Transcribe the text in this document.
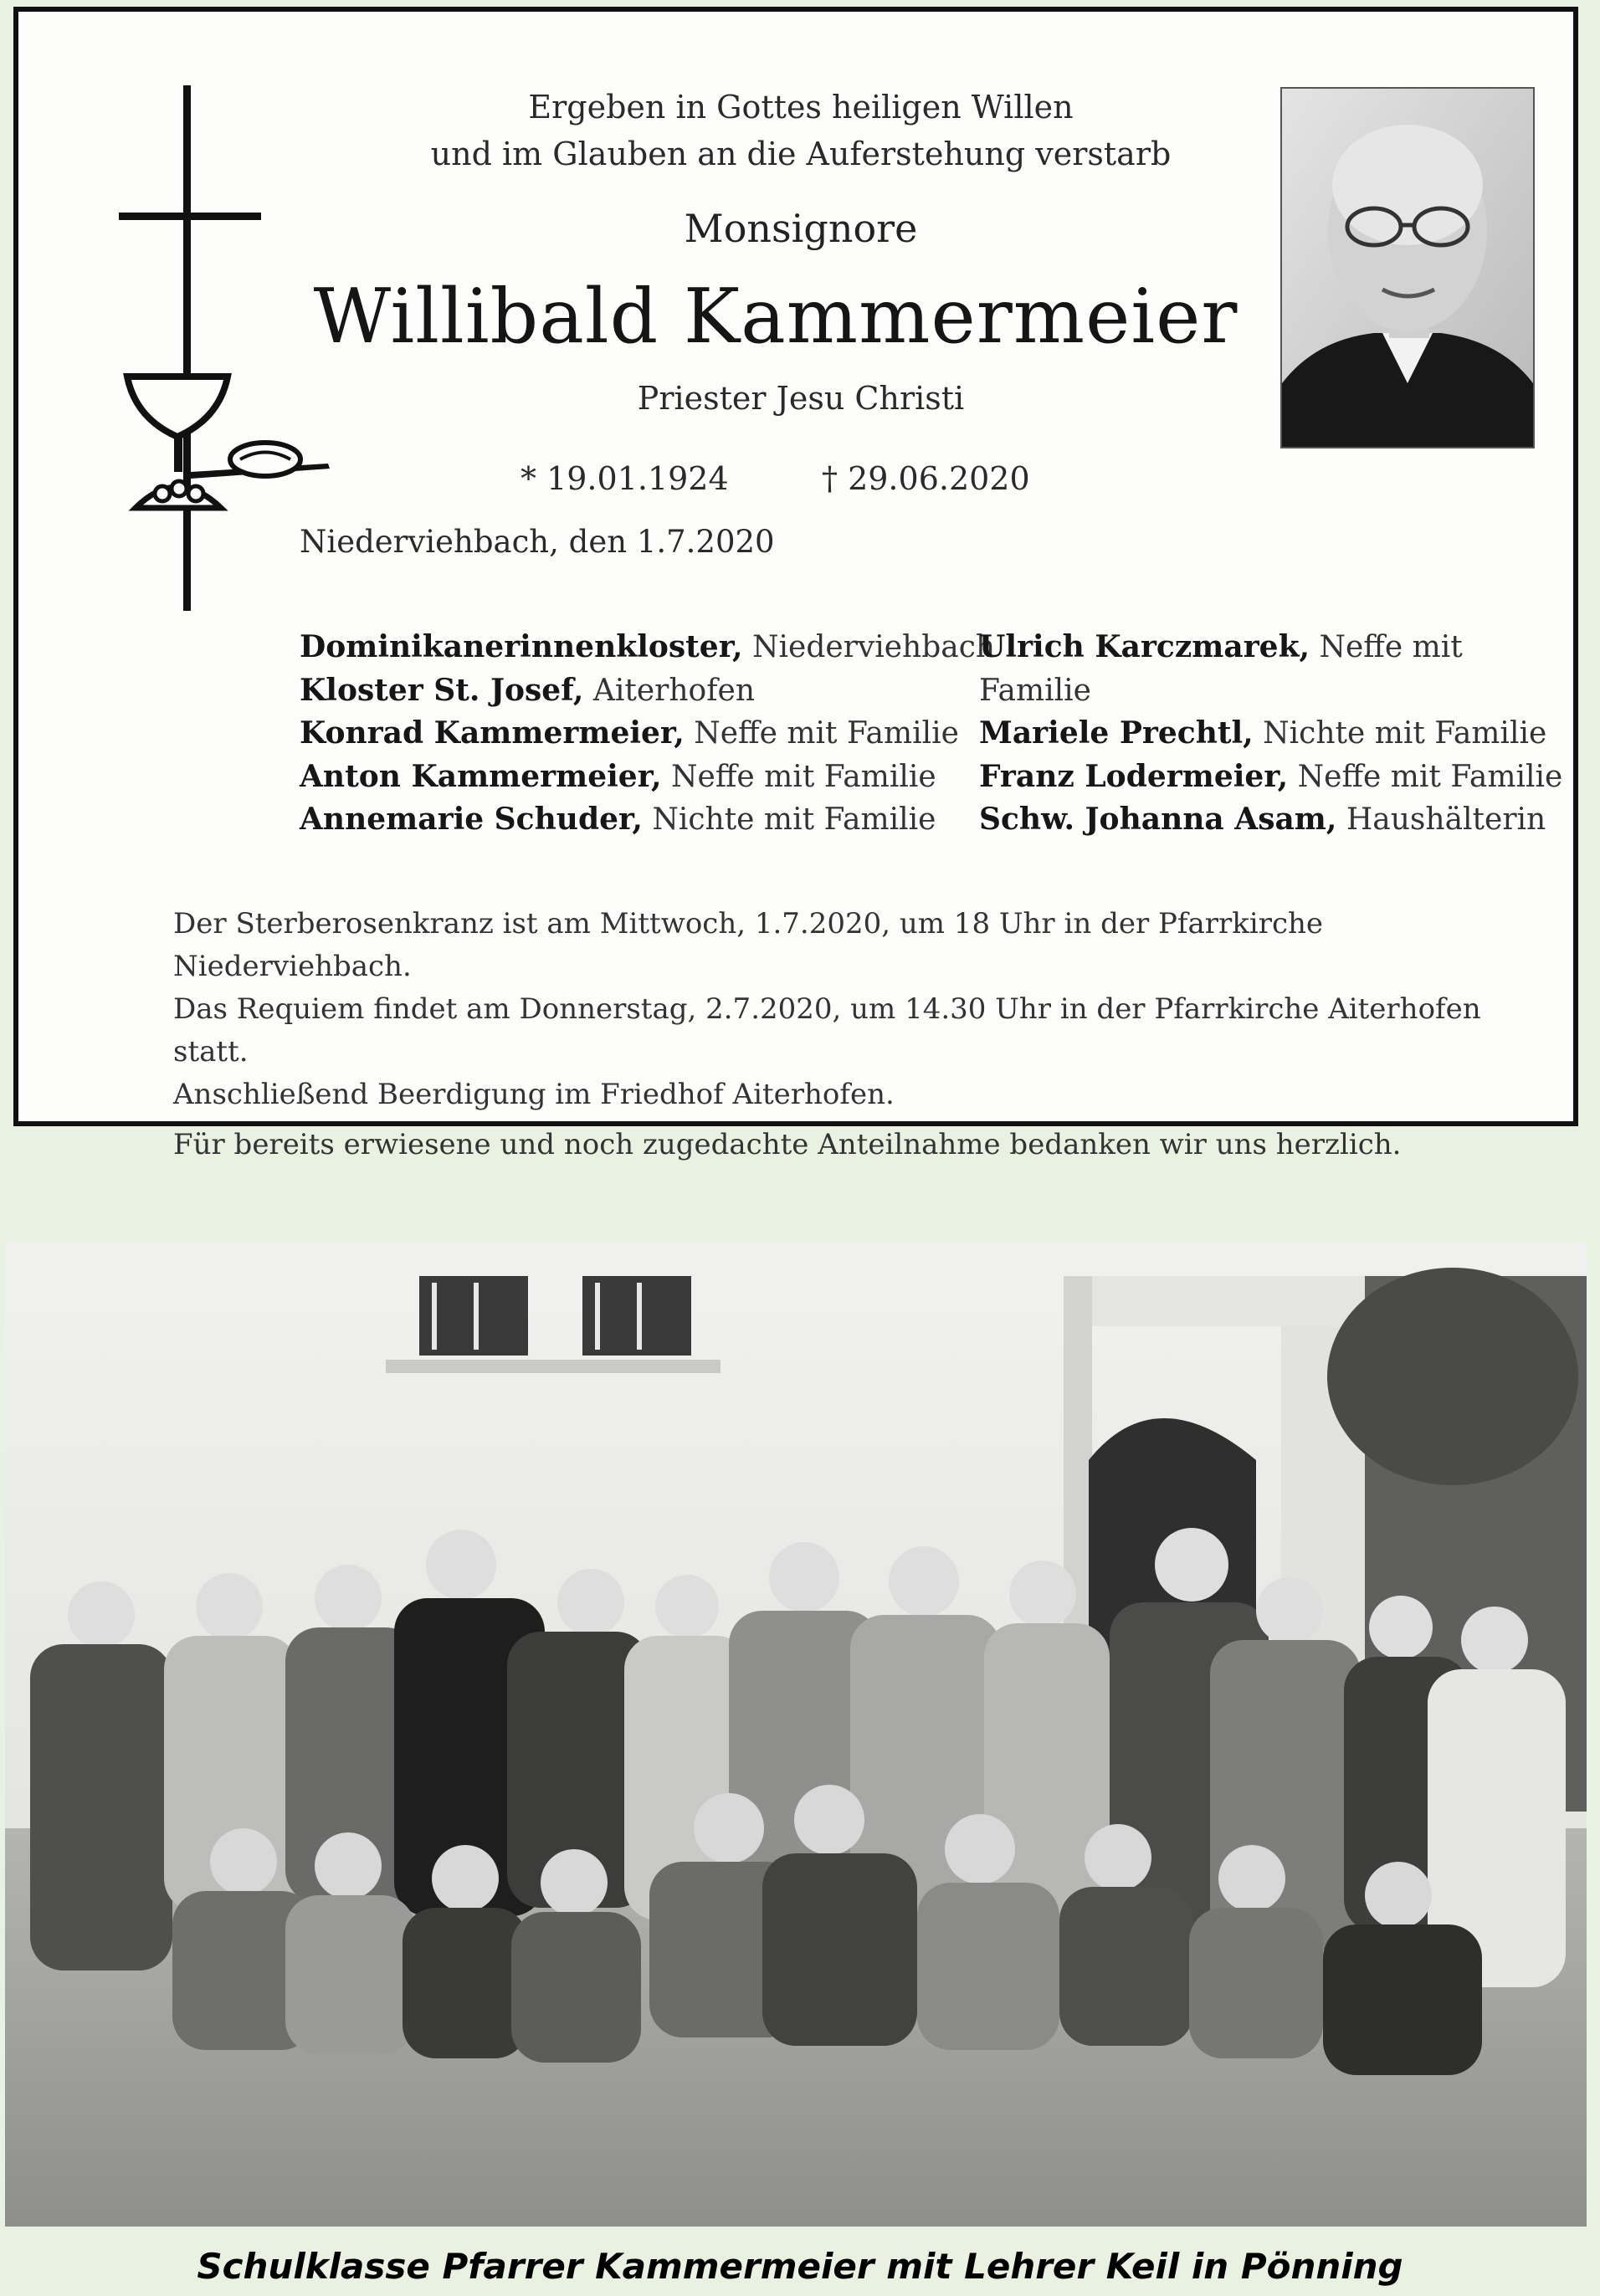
Ergeben in Gottes heiligen Willen
und im Glauben an die Auferstehung verstarb
Monsignore
Willibald Kammermeier
Priester Jesu Christi
* 19.01.1924	† 29.06.2020
Niederviehbach, den 1.7.2020
Dominikanerinnenkloster, Niederviehbach
Kloster St. Josef, Aiterhofen
Konrad Kammermeier, Neffe mit Familie
Anton Kammermeier, Neffe mit Familie
Annemarie Schuder, Nichte mit Familie
Ulrich Karczmarek, Neffe mit Familie
Mariele Prechtl, Nichte mit Familie
Franz Lodermeier, Neffe mit Familie
Schw. Johanna Asam, Haushälterin
Der Sterberosenkranz ist am Mittwoch, 1.7.2020, um 18 Uhr in der Pfarrkirche Niederviehbach.
Das Requiem findet am Donnerstag, 2.7.2020, um 14.30 Uhr in der Pfarrkirche Aiterhofen statt.
Anschließend Beerdigung im Friedhof Aiterhofen.
Für bereits erwiesene und noch zugedachte Anteilnahme bedanken wir uns herzlich.
Schulklasse Pfarrer Kammermeier mit Lehrer Keil in Pönning
